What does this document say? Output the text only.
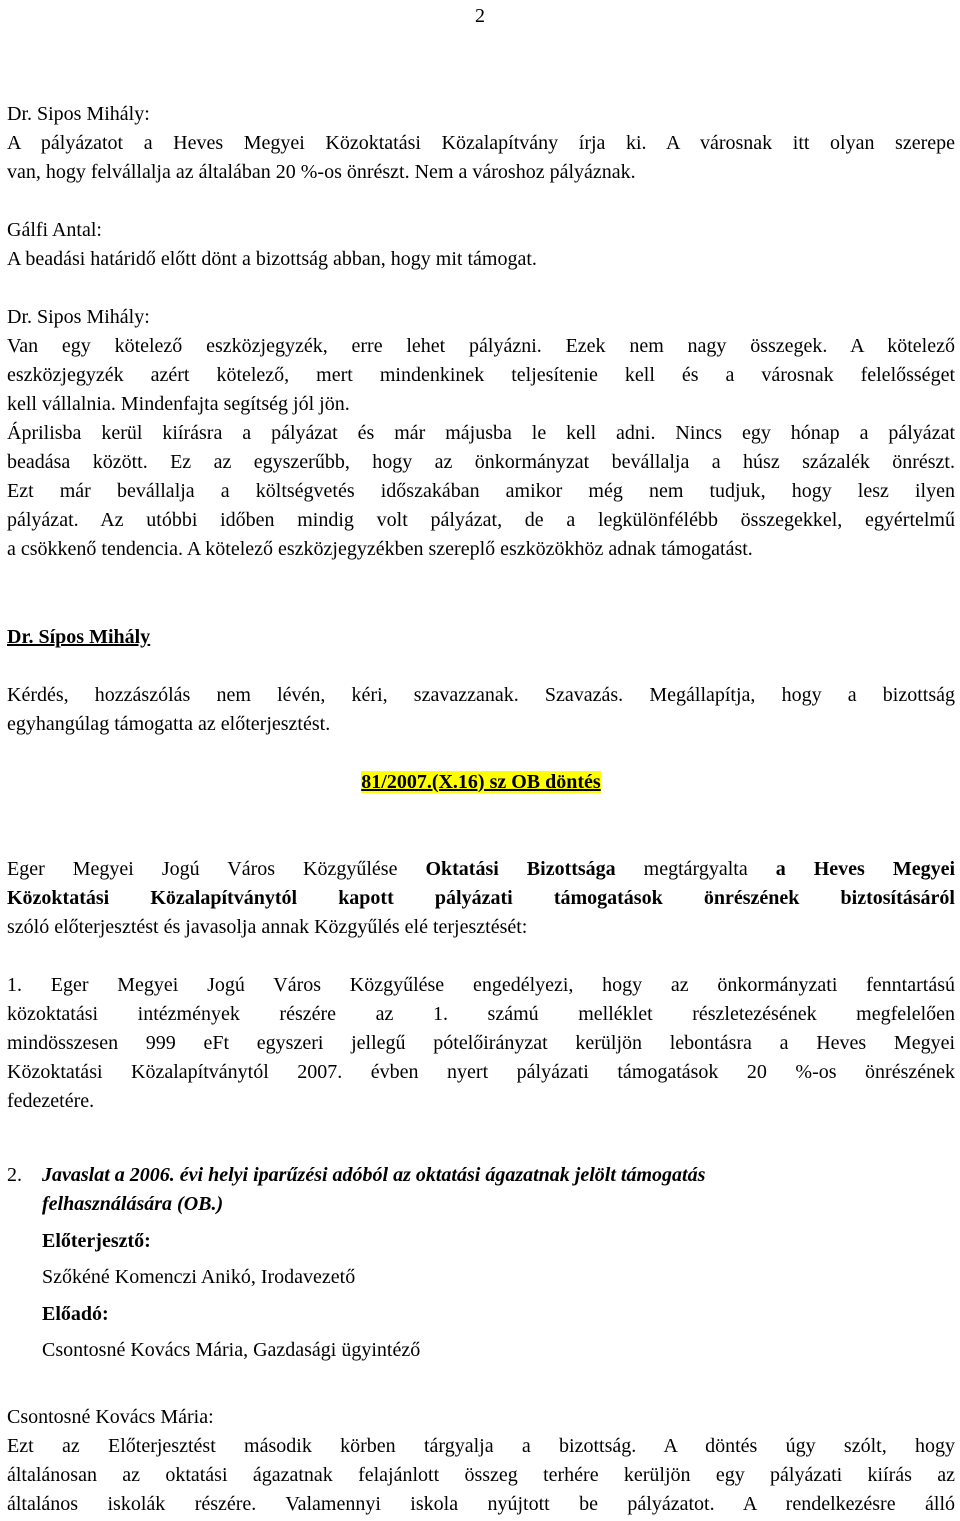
2

Dr. Sipos Mihály:

A pályázatot a Heves Megyei Közoktatási Közalapítvány írja ki. A városnak itt olyan szerepe

van, hogy felvállalja az általában 20 %-os önrészt. Nem a városhoz pályáznak.

Gálfi Antal:

A beadási határidő előtt dönt a bizottság abban, hogy mit támogat.

Dr. Sipos Mihály:

Van egy kötelező eszközjegyzék, erre lehet pályázni. Ezek nem nagy összegek. A kötelező

eszközjegyzék azért kötelező, mert mindenkinek teljesítenie kell és a városnak felelősséget

kell vállalnia. Mindenfajta segítség jól jön.

Áprilisba kerül kiírásra a pályázat és már májusba le kell adni. Nincs egy hónap a pályázat

beadása között. Ez az egyszerűbb, hogy az önkormányzat bevállalja a húsz százalék önrészt.

Ezt már bevállalja a költségvetés időszakában amikor még nem tudjuk, hogy lesz ilyen

pályázat. Az utóbbi időben mindig volt pályázat, de a legkülönfélébb összegekkel, egyértelmű

a csökkenő tendencia. A kötelező eszközjegyzékben szereplő eszközökhöz adnak támogatást.

Dr. Sípos Mihály

Kérdés, hozzászólás nem lévén, kéri, szavazzanak. Szavazás. Megállapítja, hogy a bizottság

egyhangúlag támogatta az előterjesztést.

81/2007.(X.16) sz OB döntés

Eger Megyei Jogú Város Közgyűlése Oktatási Bizottsága megtárgyalta a Heves Megyei

Közoktatási Közalapítványtól kapott pályázati támogatások önrészének biztosításáról

szóló előterjesztést és javasolja annak Közgyűlés elé terjesztését:

1. Eger Megyei Jogú Város Közgyűlése engedélyezi, hogy az önkormányzati fenntartású

közoktatási intézmények részére az 1. számú melléklet részletezésének megfelelően

mindösszesen 999 eFt egyszeri jellegű pótelőirányzat kerüljön lebontásra a Heves Megyei

Közoktatási Közalapítványtól 2007. évben nyert pályázati támogatások 20 %-os önrészének

fedezetére.

2.	Javaslat a 2006. évi helyi iparűzési adóból az oktatási ágazatnak jelölt támogatás

felhasználására (OB.)

Előterjesztő:

Szőkéné Komenczi Anikó, Irodavezető

Előadó:

Csontosné Kovács Mária, Gazdasági ügyintéző

Csontosné Kovács Mária:

Ezt az Előterjesztést második körben tárgyalja a bizottság. A döntés úgy szólt, hogy

általánosan az oktatási ágazatnak felajánlott összeg terhére kerüljön egy pályázati kiírás az

általános iskolák részére. Valamennyi iskola nyújtott be pályázatot. A rendelkezésre álló
